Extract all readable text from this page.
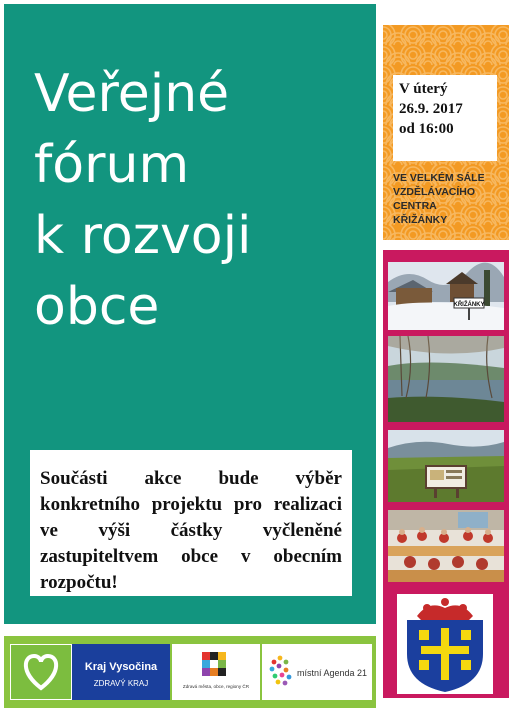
Veřejné
fórum
k rozvoji
obce

Součásti akce bude výběr konkretního projektu pro realizaci ve výši částky vyčleněné zastupiteltvem obce v obecním rozpočtu!

V úterý
26.9. 2017
od 16:00
VE VELKÉM SÁLE
VZDĚLÁVACÍHO
CENTRA
KŘIŽÁNKY
KŘIŽÁNKY
Kraj Vysočina
ZDRAVÝ KRAJ	Zdravá města, obce, regiony ČR
místní Agenda 21
